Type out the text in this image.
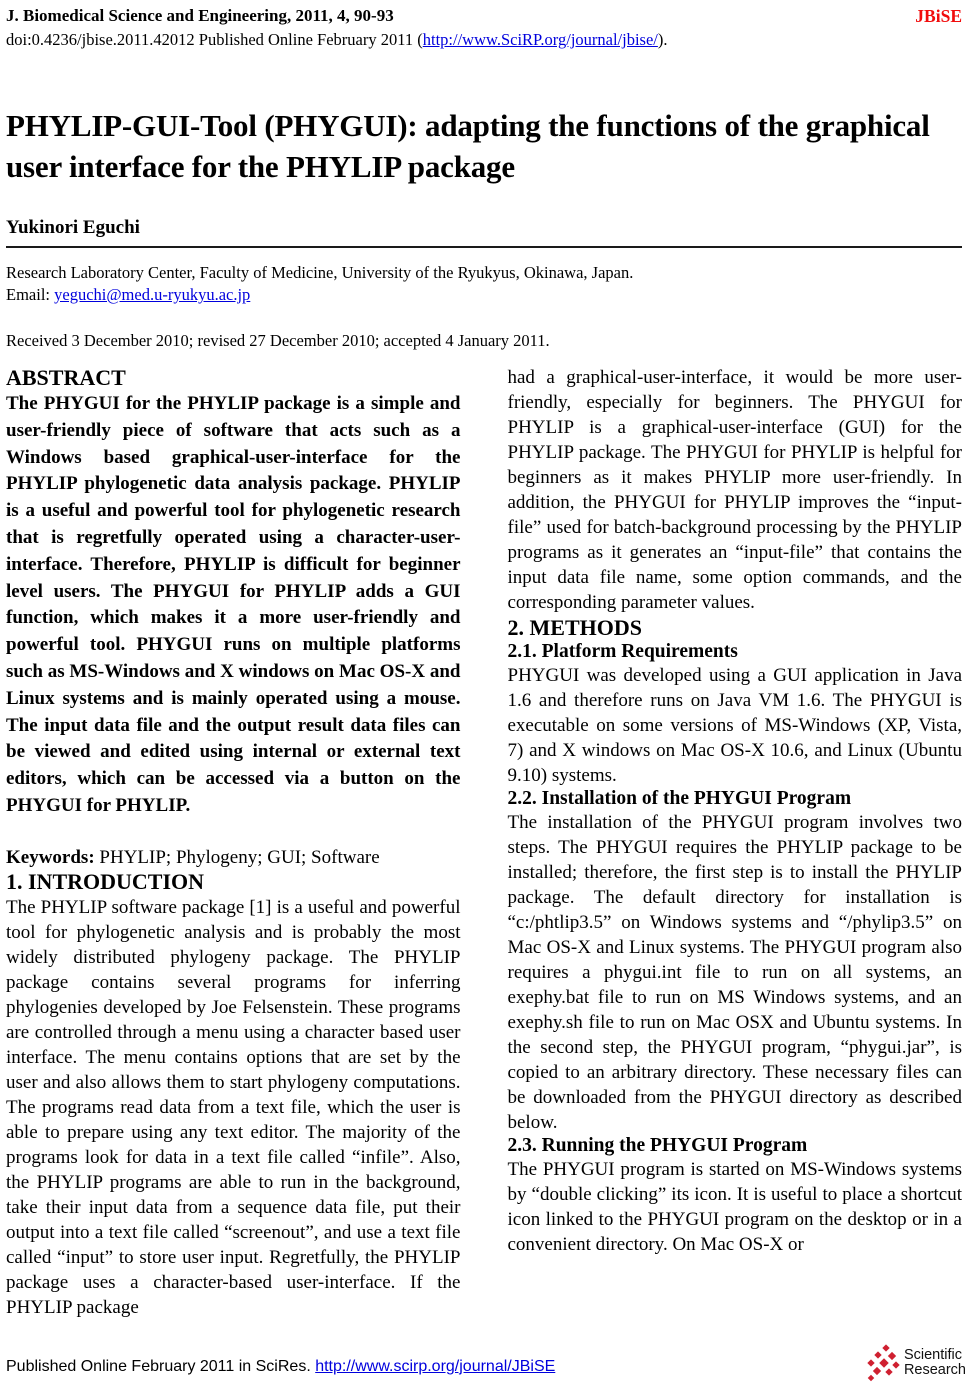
J. Biomedical Science and Engineering, 2011, 4, 90-93	JBiSE
doi:0.4236/jbise.2011.42012 Published Online February 2011 (http://www.SciRP.org/journal/jbise/).
PHYLIP-GUI-Tool (PHYGUI): adapting the functions of the graphical user interface for the PHYLIP package
Yukinori Eguchi
Research Laboratory Center, Faculty of Medicine, University of the Ryukyus, Okinawa, Japan.
Email: yeguchi@med.u-ryukyu.ac.jp
Received 3 December 2010; revised 27 December 2010; accepted 4 January 2011.
ABSTRACT

The PHYGUI for the PHYLIP package is a simple and user-friendly piece of software that acts such as a Windows based graphical-user-interface for the PHYLIP phylogenetic data analysis package. PHYLIP is a useful and powerful tool for phylogenetic research that is regretfully operated using a character-user-interface. Therefore, PHYLIP is difficult for beginner level users. The PHYGUI for PHYLIP adds a GUI function, which makes it a more user-friendly and powerful tool. PHYGUI runs on multiple platforms such as MS-Windows and X windows on Mac OS-X and Linux systems and is mainly operated using a mouse. The input data file and the output result data files can be viewed and edited using internal or external text editors, which can be accessed via a button on the PHYGUI for PHYLIP.

Keywords: PHYLIP; Phylogeny; GUI; Software
1. INTRODUCTION

The PHYLIP software package [1] is a useful and powerful tool for phylogenetic analysis and is probably the most widely distributed phylogeny package. The PHYLIP package contains several programs for inferring phylogenies developed by Joe Felsenstein. These programs are controlled through a menu using a character based user interface. The menu contains options that are set by the user and also allows them to start phylogeny computations. The programs read data from a text file, which the user is able to prepare using any text editor. The majority of the programs look for data in a text file called “infile”. Also, the PHYLIP programs are able to run in the background, take their input data from a sequence data file, put their output into a text file called “screenout”, and use a text file called “input” to store user input. Regretfully, the PHYLIP package uses a character-based user-interface. If the PHYLIP package

had a graphical-user-interface, it would be more user-friendly, especially for beginners. The PHYGUI for PHYLIP is a graphical-user-interface (GUI) for the PHYLIP package. The PHYGUI for PHYLIP is helpful for beginners as it makes PHYLIP more user-friendly. In addition, the PHYGUI for PHYLIP improves the “input-file” used for batch-background processing by the PHYLIP programs as it generates an “input-file” that contains the input data file name, some option commands, and the corresponding parameter values.

2. METHODS
2.1. Platform Requirements

PHYGUI was developed using a GUI application in Java 1.6 and therefore runs on Java VM 1.6. The PHYGUI is executable on some versions of MS-Windows (XP, Vista, 7) and X windows on Mac OS-X 10.6, and Linux (Ubuntu 9.10) systems.

2.2. Installation of the PHYGUI Program

The installation of the PHYGUI program involves two steps. The PHYGUI requires the PHYLIP package to be installed; therefore, the first step is to install the PHYLIP package. The default directory for installation is “c:/phtlip3.5” on Windows systems and “/phylip3.5” on Mac OS-X and Linux systems. The PHYGUI program also requires a phygui.int file to run on all systems, an exephy.bat file to run on MS Windows systems, and an exephy.sh file to run on Mac OSX and Ubuntu systems. In the second step, the PHYGUI program, “phygui.jar”, is copied to an arbitrary directory. These necessary files can be downloaded from the PHYGUI directory as described below.

2.3. Running the PHYGUI Program

The PHYGUI program is started on MS-Windows systems by “double clicking” its icon. It is useful to place a shortcut icon linked to the PHYGUI program on the desktop or in a convenient directory. On Mac OS-X or

Published Online February 2011 in SciRes. http://www.scirp.org/journal/JBiSE
Scientific
Research
